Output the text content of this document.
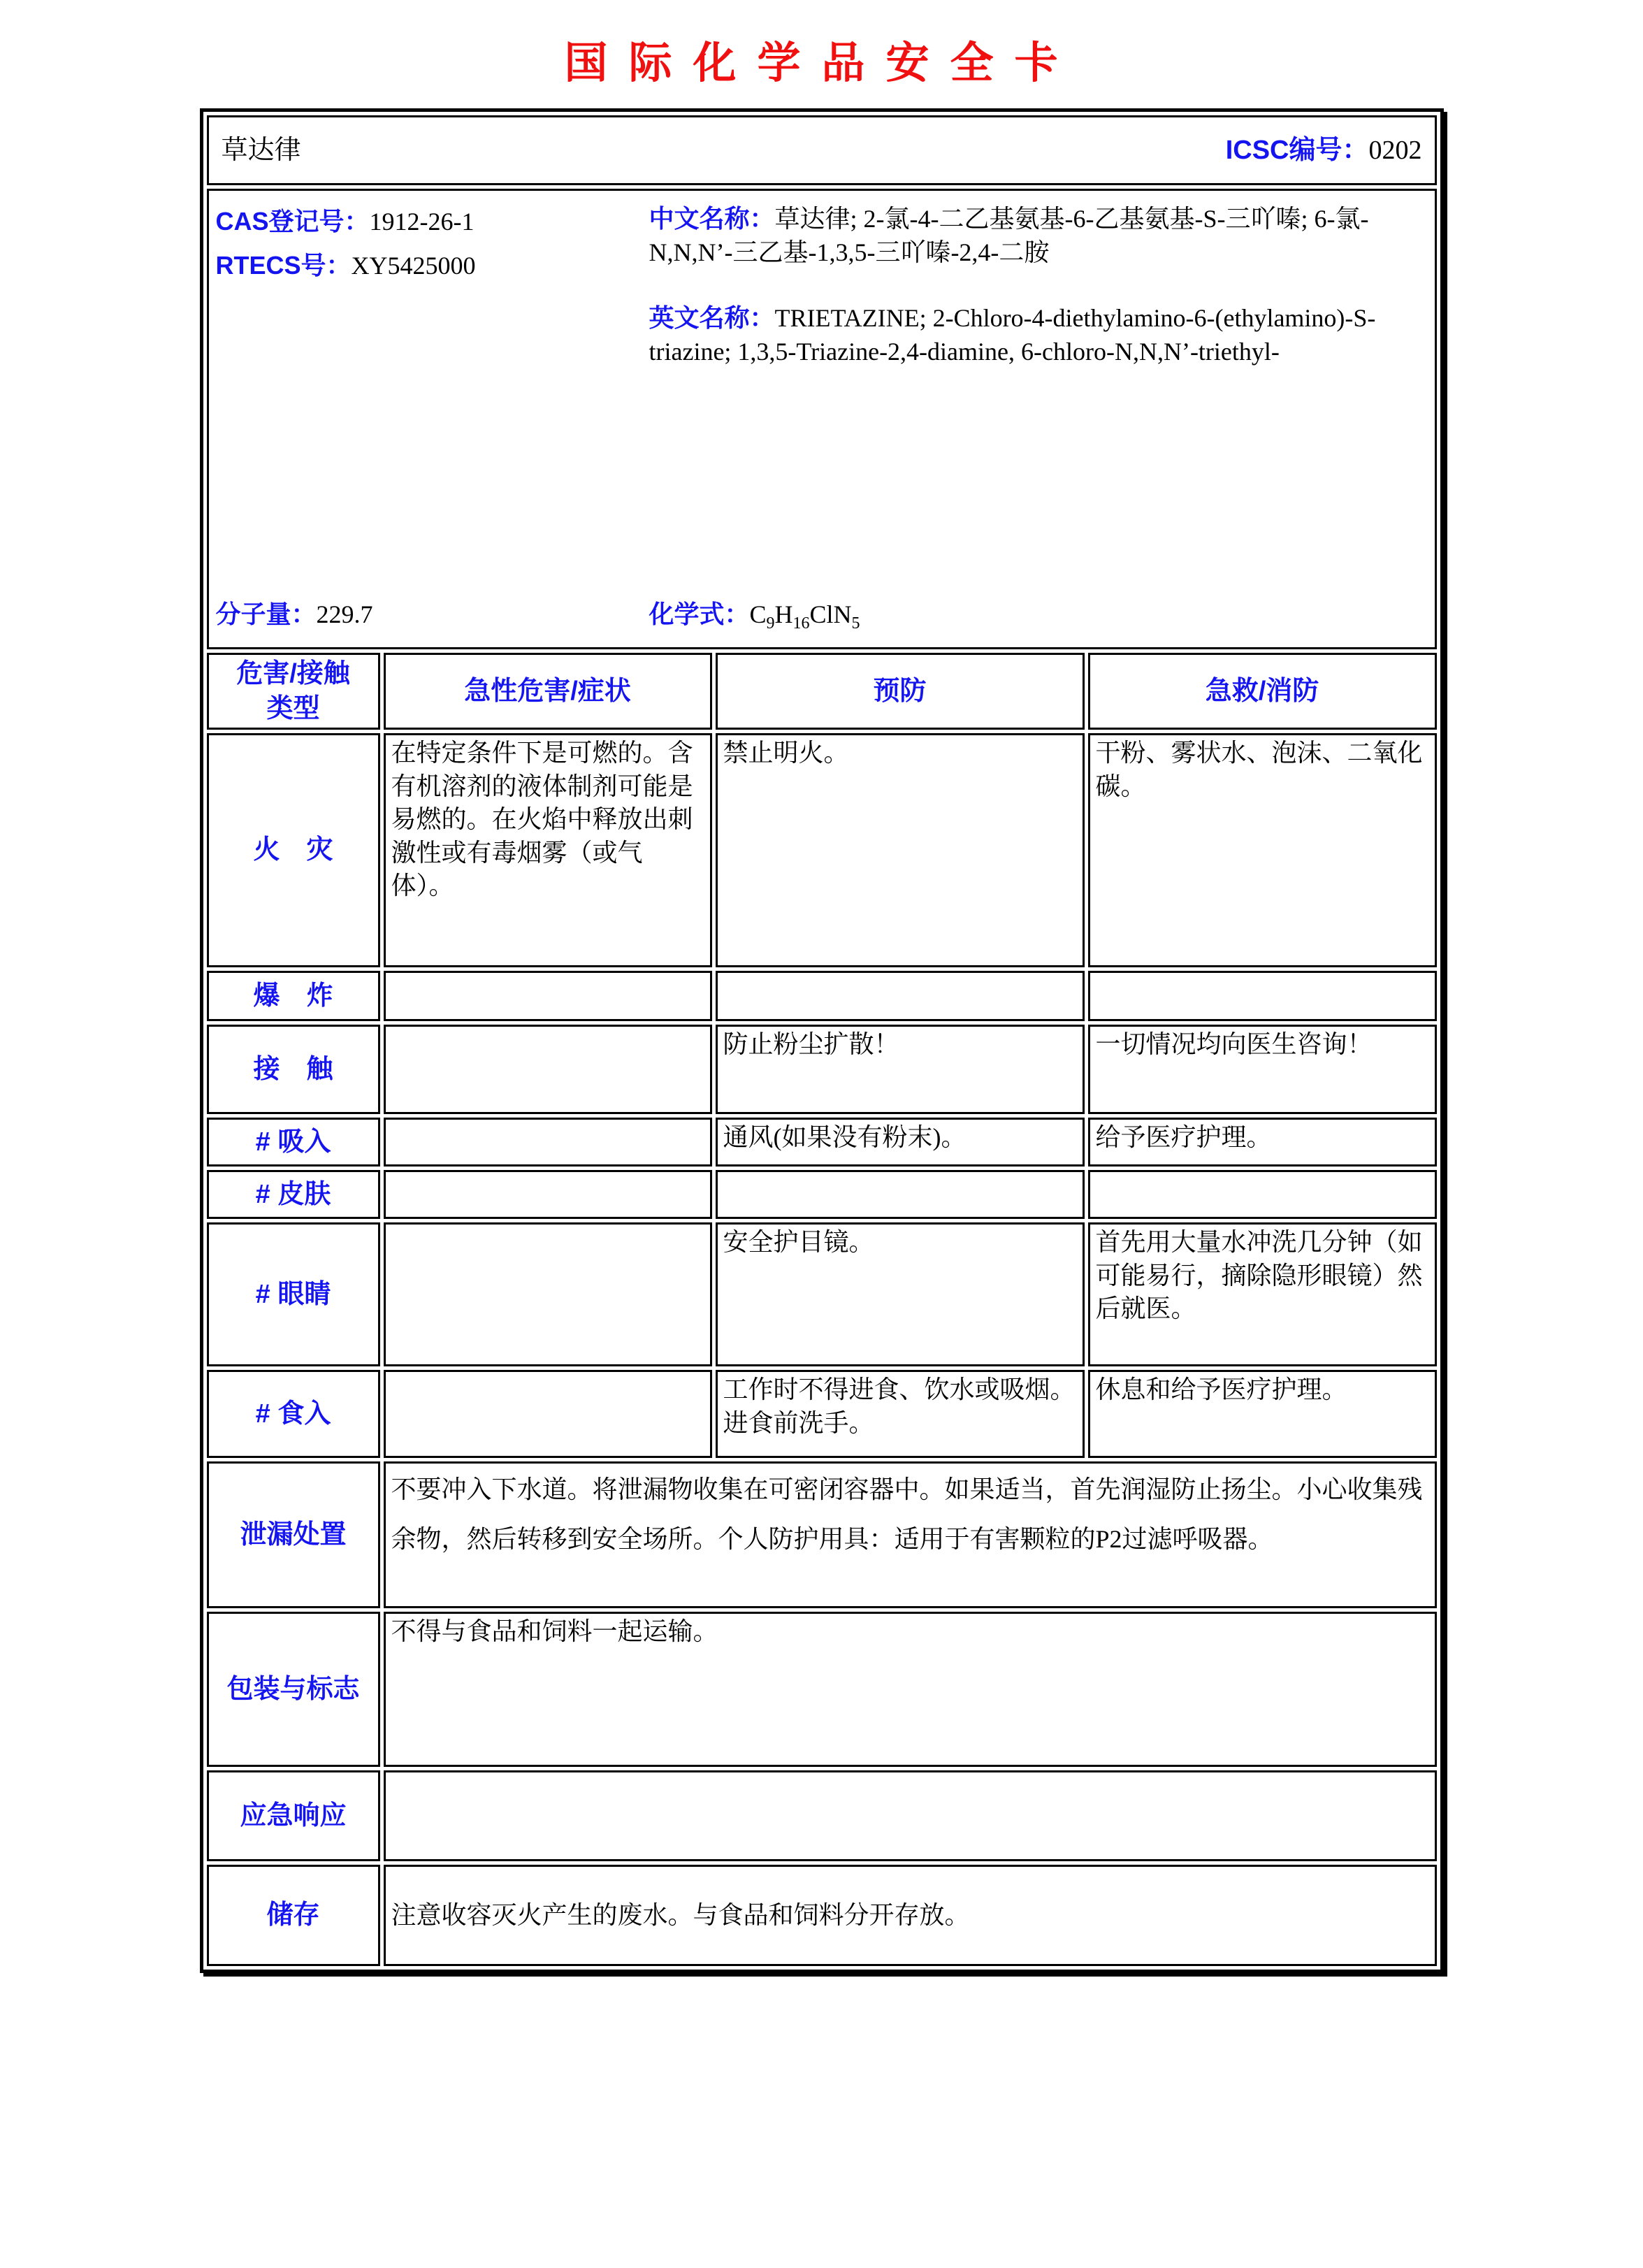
国际化学品安全卡
草达律 ICSC编号：0202			

CAS登记号：1912-26-1

RTECS号：XY5425000

分子量：229.7

中文名称：草达律; 2-氯-4-二乙基氨基-6-乙基氨基-S-三吖嗪; 6-氯-N,N,N’-三乙基-1,3,5-三吖嗪-2,4-二胺

英文名称：TRIETAZINE; 2-Chloro-4-diethylamino-6-(ethylamino)-S-triazine; 1,3,5-Triazine-2,4-diamine, 6-chloro-N,N,N’-triethyl-

化学式：$C_9H_{16}ClN_5$

危害/接触
类型	急性危害/症状	预防	急救/消防
火　灾	在特定条件下是可燃的。含有机溶剂的液体制剂可能是易燃的。在火焰中释放出刺激性或有毒烟雾（或气体）。	禁止明火。	干粉、雾状水、泡沫、二氧化碳。
爆　炸			
接　触		防止粉尘扩散！	一切情况均向医生咨询！
# 吸入		通风(如果没有粉末)。	给予医疗护理。
# 皮肤			
# 眼睛		安全护目镜。	首先用大量水冲洗几分钟（如可能易行，摘除隐形眼镜）然后就医。
# 食入		工作时不得进食、饮水或吸烟。进食前洗手。	休息和给予医疗护理。
泄漏处置	不要冲入下水道。将泄漏物收集在可密闭容器中。如果适当，首先润湿防止扬尘。小心收集残余物，然后转移到安全场所。个人防护用具：适用于有害颗粒的P2过滤呼吸器。		

包装与标志	不得与食品和饲料一起运输。		
应急响应			
储存	注意收容灭火产生的废水。与食品和饲料分开存放。		
